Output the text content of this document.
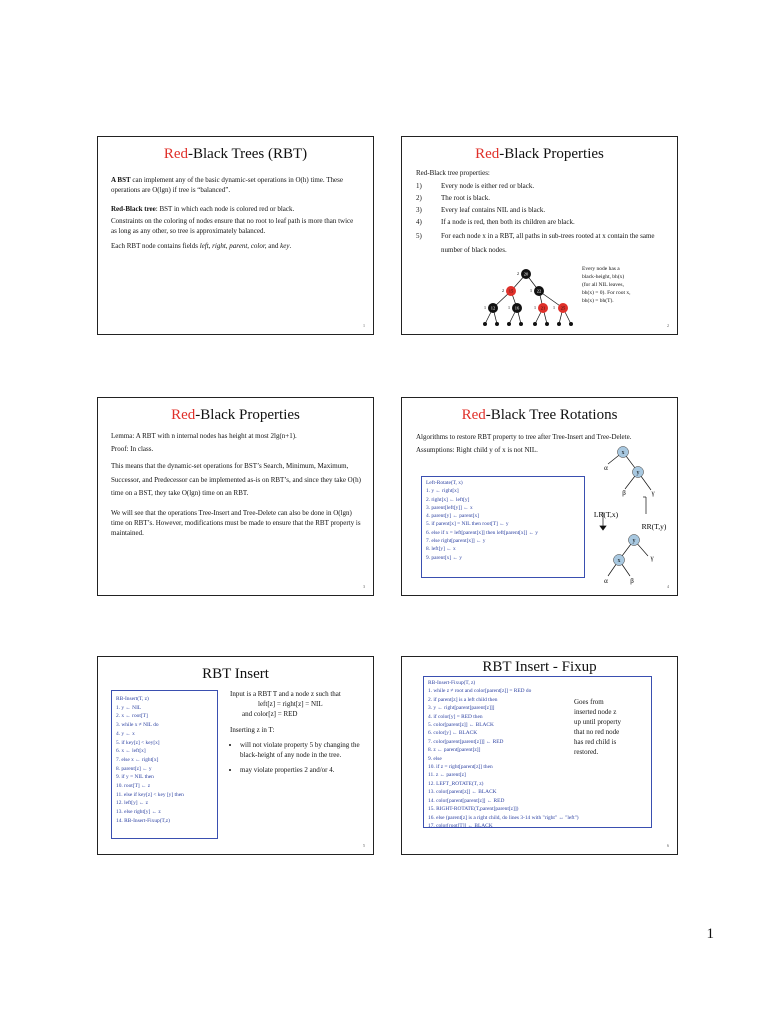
Red-Black Trees (RBT)

A BST can implement any of the basic dynamic-set operations in O(h) time. These operations are O(lgn) if tree is “balanced”.

Red-Black tree: BST in which each node is colored red or black.

Constraints on the coloring of nodes ensure that no root to leaf path is more than twice as long as any other, so tree is approximately balanced.

Each RBT node contains fields left, right, parent, color, and key.

1
Red-Black Properties

Red-Black tree properties:

1)	Every node is either red or black.
2)	The root is black.
3)	Every leaf contains NIL and is black.
4)	If a node is red, then both its children are black.
5)	For each node x in a RBT, all paths in sub-trees rooted at x contain the same number of black nodes.
20
2
15
2	22
1
12
1	16
1	21
1	25
1
Every node has a
black-height, bh(x)
(for all NIL leaves,
bh(x) = 0). For root x,
bh(x) = bh(T).
2
Red-Black Properties

Lemma: A RBT with n internal nodes has height at most 2lg(n+1).

Proof: In class.

This means that the dynamic-set operations for BST’s Search, Minimum, Maximum, Successor, and Predecessor can be implemented as-is on RBT’s, and since they take O(h) time on a BST, they take O(lgn) time on an RBT.

We will see that the operations Tree-Insert and Tree-Delete can also be done in O(lgn) time on RBT’s. However, modifications must be made to ensure that the RBT property is maintained.

3
Red-Black Tree Rotations

Algorithms to restore RBT property to tree after Tree-Insert and Tree-Delete.

Assumptions: Right child y of x is not NIL.

Left-Rotate(T, x)
1. y ← right[x]
2. right[x] ← left[y]
3. parent[left[y]] ← x
4. parent[y] ← parent[x]
5. if parent[x] = NIL then root[T] ← y
6. else if x = left[parent[x]] then left[parent[x]] ← y
7. else right[parent[x]] ← y
8. left[y] ← x
9. parent[x] ← y
x
y
α
β	γ
LR(T,x)
RR(T,y)
y
x	γ
α	β
4
RBT Insert
RB-Insert(T, z)
1. y ← NIL
2. x ← root[T]
3. while x ≠ NIL do
4. y ← x
5. if key[z] < key[x]
6. x ← left[x]
7. else x ← right[x]
8. parent[z] ← y
9. if y = NIL then
10. root[T] ← z
11. else if key[z] < key [y] then
12. left[y] ← z
13. else right[y] ← z
14. RB-Insert-Fixup(T,z)

Input is a RBT T and a node z such that

left[z] = right[z] = NIL

and color[z] = RED

Inserting z in T:

• will not violate property 5 by changing the black-height of any node in the tree.
• may violate properties 2 and/or 4.
5
RBT Insert - Fixup
RB-Insert-Fixup(T, z)
1. while z ≠ root and color[parent[z]] = RED do
2. if parent[z] is a left child then
3. y ← right[parent[parent[z]]]
4. if color[y] = RED then
5. color[parent[z]] ← BLACK
6. color[y] ← BLACK
7. color[parent[parent[z]]] ← RED
8. z ← parent[parent[z]]
9. else
10. if z = right[parent[z]] then
11. z ← parent[z]
12. LEFT_ROTATE(T, z)
13. color[parent[z]] ← BLACK
14. color[parent[parent[z]] ← RED
15. RIGHT-ROTATE(T,parent[parent[z]])
16. else (parent[z] is a right child, do lines 3-14 with "right" ↔ "left")
17. color[root[T]] ← BLACK
Goes from
inserted node z
up until property
that no red node
has red child is
restored.
6
1
